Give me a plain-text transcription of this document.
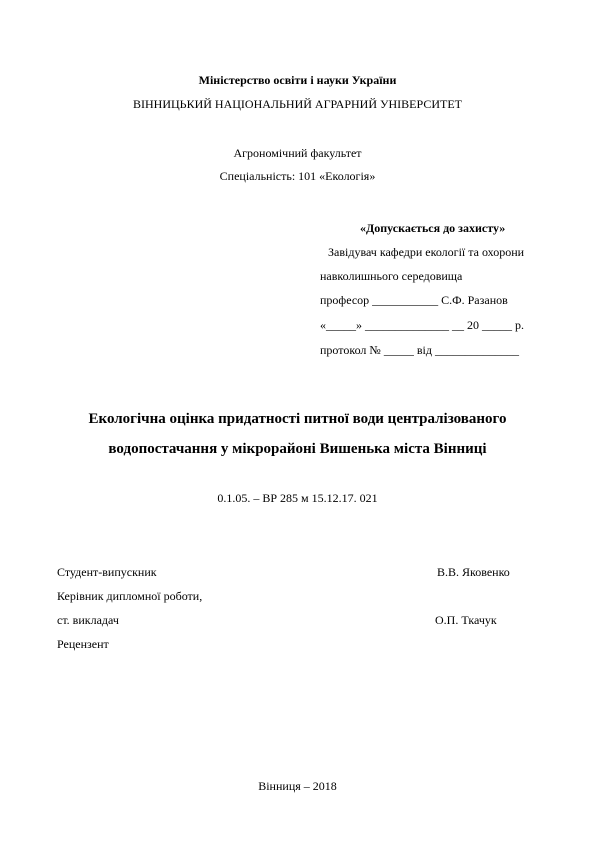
Міністерство освіти і науки України
ВІННИЦЬКИЙ НАЦІОНАЛЬНИЙ АГРАРНИЙ УНІВЕРСИТЕТ
Агрономічний факультет
Спеціальність: 101 «Екологія»
«Допускається до захисту»
Завідувач кафедри екології та охорони
навколишнього середовища
професор ___________ С.Ф. Разанов
«_____» ______________ __ 20 _____ р.
протокол № _____ від ______________
Екологічна оцінка придатності питної води централізованого
водопостачання у мікрорайоні Вишенька міста Вінниці
0.1.05. – ВР 285 м 15.12.17. 021
Студент-випускник	В.В. Яковенко
Керівник дипломної роботи,
ст. викладач	О.П. Ткачук
Рецензент
Вінниця – 2018
